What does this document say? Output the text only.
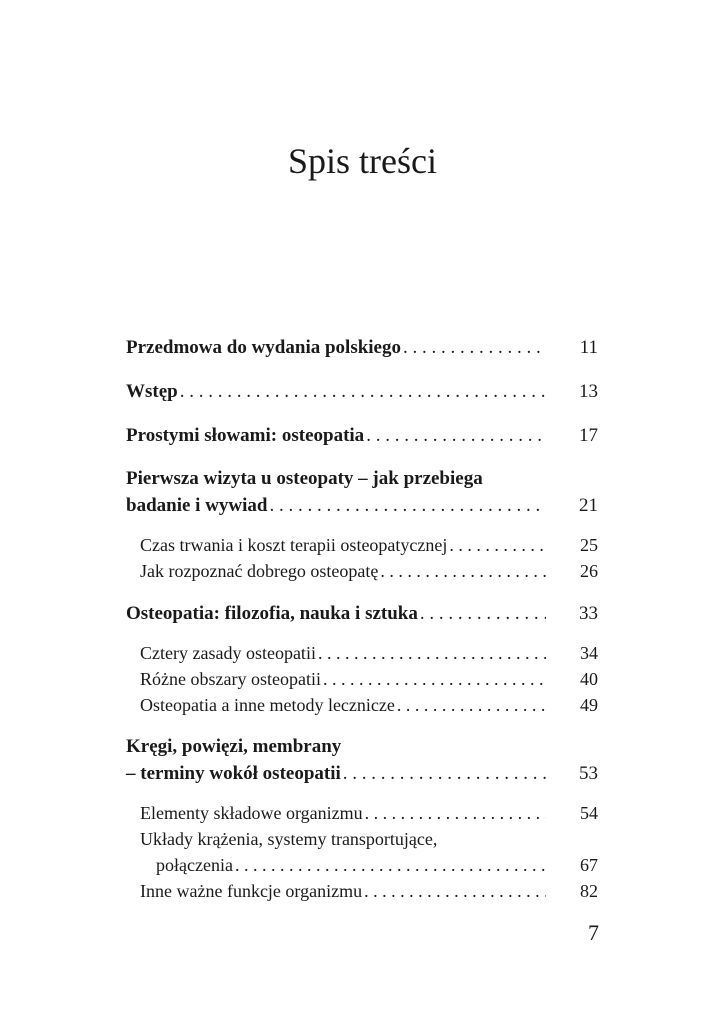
Spis treści
Przedmowa do wydania polskiego . . .	11
Wstęp . . .	13
Prostymi słowami: osteopatia . . .	17
Pierwsza wizyta u osteopaty – jak przebiega
badanie i wywiad . . .	21
Czas trwania i koszt terapii osteopatycznej . . .	25
Jak rozpoznać dobrego osteopatę . . .	26
Osteopatia: filozofia, nauka i sztuka . . .	33
Cztery zasady osteopatii . . .	34
Różne obszary osteopatii . . .	40
Osteopatia a inne metody lecznicze . . .	49
Kręgi, powięzi, membrany
– terminy wokół osteopatii . . .	53
Elementy składowe organizmu . . .	54
Układy krążenia, systemy transportujące,
połączenia . . .	67
Inne ważne funkcje organizmu . . .	82
7
